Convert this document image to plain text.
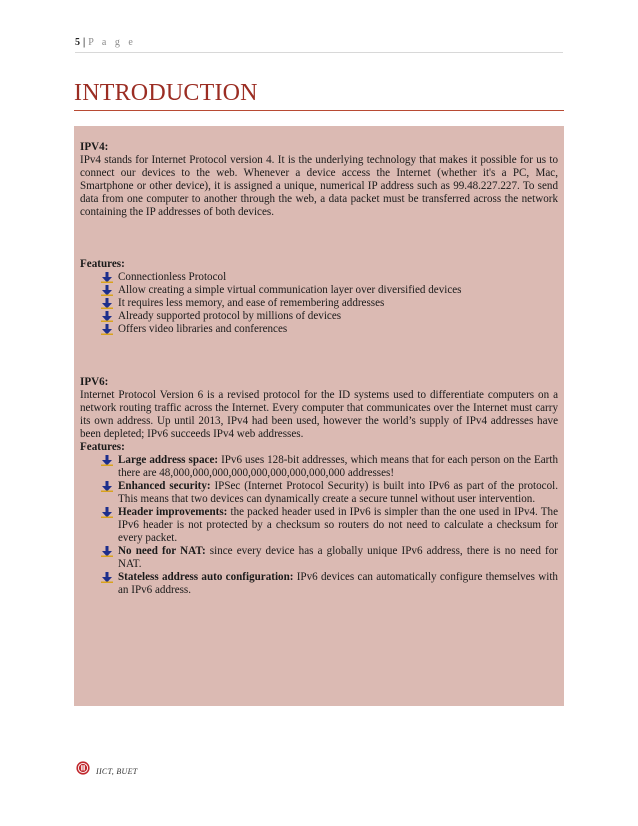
5 | P a g e
INTRODUCTION

IPV4:

IPv4 stands for Internet Protocol version 4. It is the underlying technology that makes it possible for us to connect our devices to the web. Whenever a device access the Internet (whether it's a PC, Mac, Smartphone or other device), it is assigned a unique, numerical IP address such as 99.48.227.227. To send data from one computer to another through the web, a data packet must be transferred across the network containing the IP addresses of both devices.

Features:

Connectionless Protocol
Allow creating a simple virtual communication layer over diversified devices
It requires less memory, and ease of remembering addresses
Already supported protocol by millions of devices
Offers video libraries and conferences

IPV6:

Internet Protocol Version 6 is a revised protocol for the ID systems used to differentiate computers on a network routing traffic across the Internet. Every computer that communicates over the Internet must carry its own address. Up until 2013, IPv4 had been used, however the world’s supply of IPv4 addresses have been depleted; IPv6 succeeds IPv4 web addresses.

Features:

Large address space: IPv6 uses 128-bit addresses, which means that for each person on the Earth there are 48,000,000,000,000,000,000,000,000,000 addresses!
Enhanced security: IPSec (Internet Protocol Security) is built into IPv6 as part of the protocol. This means that two devices can dynamically create a secure tunnel without user intervention.
Header improvements: the packed header used in IPv6 is simpler than the one used in IPv4. The IPv6 header is not protected by a checksum so routers do not need to calculate a checksum for every packet.
No need for NAT: since every device has a globally unique IPv6 address, there is no need for NAT.
Stateless address auto configuration: IPv6 devices can automatically configure themselves with an IPv6 address.
IICT, BUET
